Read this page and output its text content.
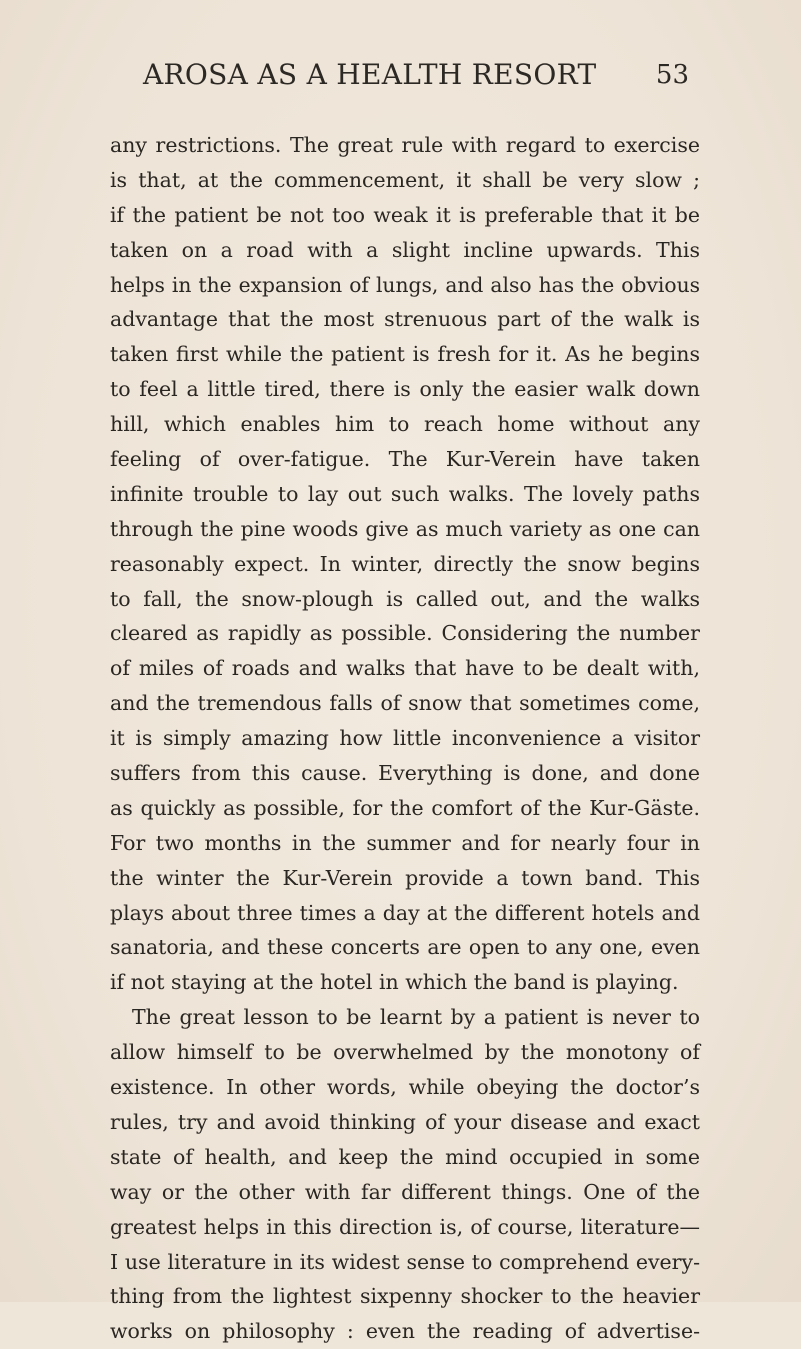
AROSA AS A HEALTH RESORT	53
any restrictions. The great rule with regard to exercise
is that, at the commencement, it shall be very slow ;
if the patient be not too weak it is preferable that it be
taken on a road with a slight incline upwards. This
helps in the expansion of lungs, and also has the obvious
advantage that the most strenuous part of the walk is
taken first while the patient is fresh for it. As he begins
to feel a little tired, there is only the easier walk down
hill, which enables him to reach home without any
feeling of over-fatigue. The Kur-Verein have taken
infinite trouble to lay out such walks. The lovely paths
through the pine woods give as much variety as one can
reasonably expect. In winter, directly the snow begins
to fall, the snow-plough is called out, and the walks
cleared as rapidly as possible. Considering the number
of miles of roads and walks that have to be dealt with,
and the tremendous falls of snow that sometimes come,
it is simply amazing how little inconvenience a visitor
suffers from this cause. Everything is done, and done
as quickly as possible, for the comfort of the Kur-Gäste.
For two months in the summer and for nearly four in
the winter the Kur-Verein provide a town band. This
plays about three times a day at the different hotels and
sanatoria, and these concerts are open to any one, even
if not staying at the hotel in which the band is playing.
The great lesson to be learnt by a patient is never to
allow himself to be overwhelmed by the monotony of
existence. In other words, while obeying the doctor’s
rules, try and avoid thinking of your disease and exact
state of health, and keep the mind occupied in some
way or the other with far different things. One of the
greatest helps in this direction is, of course, literature—
I use literature in its widest sense to comprehend every-
thing from the lightest sixpenny shocker to the heavier
works on philosophy : even the reading of advertise-
